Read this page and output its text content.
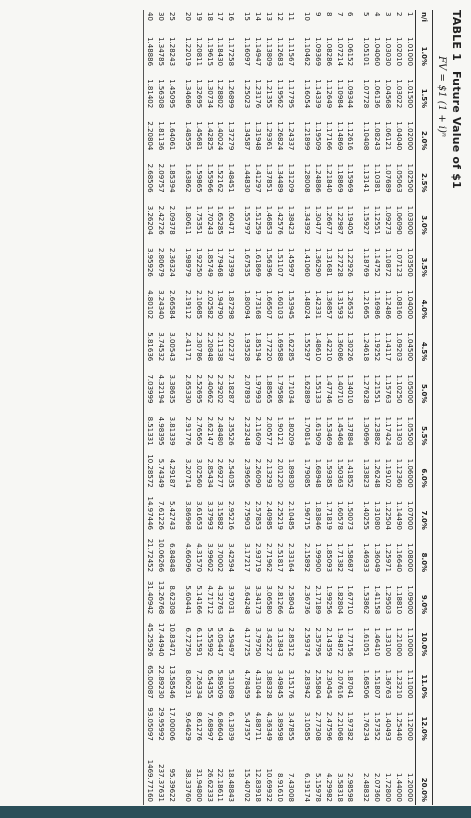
TABLE 1 Future Value of $1
FV = $1 (1 + i)ⁿ
n/i	1.0%	1.5%	2.0%	2.5%	3.0%	3.5%	4.0%	4.5%	5.0%	5.5%	6.0%	7.0%	8.0%	9.0%	10.0%	11.0%	12.0%	20.0%
1	1.01000	1.01500	1.02000	1.02500	1.03000	1.03500	1.04000	1.04500	1.05000	1.05500	1.06000	1.07000	1.08000	1.09000	1.10000	1.11000	1.12000	1.20000
2	1.02010	1.03022	1.04040	1.05063	1.06090	1.07123	1.08160	1.09203	1.10250	1.11303	1.12360	1.14490	1.16640	1.18810	1.21000	1.23210	1.25440	1.44000
3	1.03030	1.04568	1.06121	1.07689	1.09273	1.10872	1.12486	1.14117	1.15763	1.17424	1.19102	1.22504	1.25971	1.29503	1.33100	1.36763	1.40493	1.72800
4	1.04060	1.06136	1.08243	1.10381	1.12551	1.14752	1.16986	1.19252	1.21551	1.23882	1.26248	1.31080	1.36049	1.41158	1.46410	1.51807	1.57352	2.07360
5	1.05101	1.07728	1.10408	1.13141	1.15927	1.18769	1.21665	1.24618	1.27628	1.30696	1.33823	1.40255	1.46933	1.53862	1.61051	1.68506	1.76234	2.48832
6	1.06152	1.09344	1.12616	1.15969	1.19405	1.22926	1.26532	1.30226	1.34010	1.37884	1.41852	1.50073	1.58687	1.67710	1.77156	1.87041	1.97382	2.98598
7	1.07214	1.10984	1.14869	1.18869	1.22987	1.27228	1.31593	1.36086	1.40710	1.45468	1.50363	1.60578	1.71382	1.82804	1.94872	2.07616	2.21068	3.58318
8	1.08286	1.12649	1.17166	1.21840	1.26677	1.31681	1.36857	1.42210	1.47746	1.53469	1.59385	1.71819	1.85093	1.99256	2.14359	2.30454	2.47596	4.29982
9	1.09369	1.14339	1.19509	1.24886	1.30477	1.36290	1.42331	1.48610	1.55133	1.61909	1.68948	1.83846	1.99900	2.17189	2.35795	2.55804	2.77308	5.15978
10	1.10462	1.16054	1.21899	1.28008	1.34392	1.41060	1.48024	1.55297	1.62889	1.70814	1.79085	1.96715	2.15892	2.36736	2.59374	2.83942	3.10585	6.19174
11	1.11567	1.17795	1.24337	1.31209	1.38423	1.45997	1.53945	1.62285	1.71034	1.80209	1.89830	2.10485	2.33164	2.58043	2.85312	3.15176	3.47855	7.43008
12	1.12683	1.19562	1.26824	1.34489	1.42576	1.51107	1.60103	1.69588	1.79586	1.90121	2.01220	2.25219	2.51817	2.81266	3.13843	3.49845	3.89598	8.91610
13	1.13809	1.21355	1.29361	1.37851	1.46853	1.56396	1.66507	1.77220	1.88565	2.00577	2.13293	2.40985	2.71962	3.06580	3.45227	3.88328	4.36349	10.69932
14	1.14947	1.23176	1.31948	1.41297	1.51259	1.61869	1.73168	1.85194	1.97993	2.11609	2.26090	2.57853	2.93719	3.34173	3.79750	4.31044	4.88711	12.83918
15	1.16097	1.25023	1.34587	1.44830	1.55797	1.67535	1.80094	1.93528	2.07893	2.23248	2.39656	2.75903	3.17217	3.64248	4.17725	4.78459	5.47357	15.40702
16	1.17258	1.26899	1.37279	1.48451	1.60471	1.73399	1.87298	2.02237	2.18287	2.35526	2.54035	2.95216	3.42594	3.97031	4.59497	5.31089	6.13039	18.48843
17	1.18430	1.28802	1.40024	1.52162	1.65285	1.79468	1.94790	2.11338	2.29202	2.48480	2.69277	3.15882	3.70002	4.32763	5.05447	5.89509	6.86604	22.18611
18	1.19615	1.30734	1.42825	1.55966	1.70243	1.85749	2.02582	2.20848	2.40662	2.62147	2.85434	3.37993	3.99602	4.71712	5.55992	6.54355	7.68997	26.62333
19	1.20811	1.32695	1.45681	1.59865	1.75351	1.92250	2.10685	2.30786	2.52695	2.76565	3.02560	3.61653	4.31570	5.14166	6.11591	7.26334	8.61276	31.94800
20	1.22019	1.34686	1.48595	1.63862	1.80611	1.98979	2.19112	2.41171	2.65330	2.91776	3.20714	3.86968	4.66096	5.60441	6.72750	8.06231	9.64629	38.33760
25	1.28243	1.45095	1.64061	1.85394	2.09378	2.36324	2.66584	3.00543	3.38635	3.81339	4.29187	5.42743	6.84848	8.62308	10.83471	13.58546	17.00006	95.39622
30	1.34785	1.56308	1.81136	2.09757	2.42726	2.80679	3.24340	3.74532	4.32194	4.98395	5.74349	7.61226	10.06266	13.26768	17.44940	22.89230	29.95992	237.37631
40	1.48886	1.81402	2.20804	2.68506	3.26204	3.95926	4.80102	5.81636	7.03999	8.51331	10.28572	14.97446	21.72452	31.40942	45.25926	65.00087	93.05097	1469.77160
